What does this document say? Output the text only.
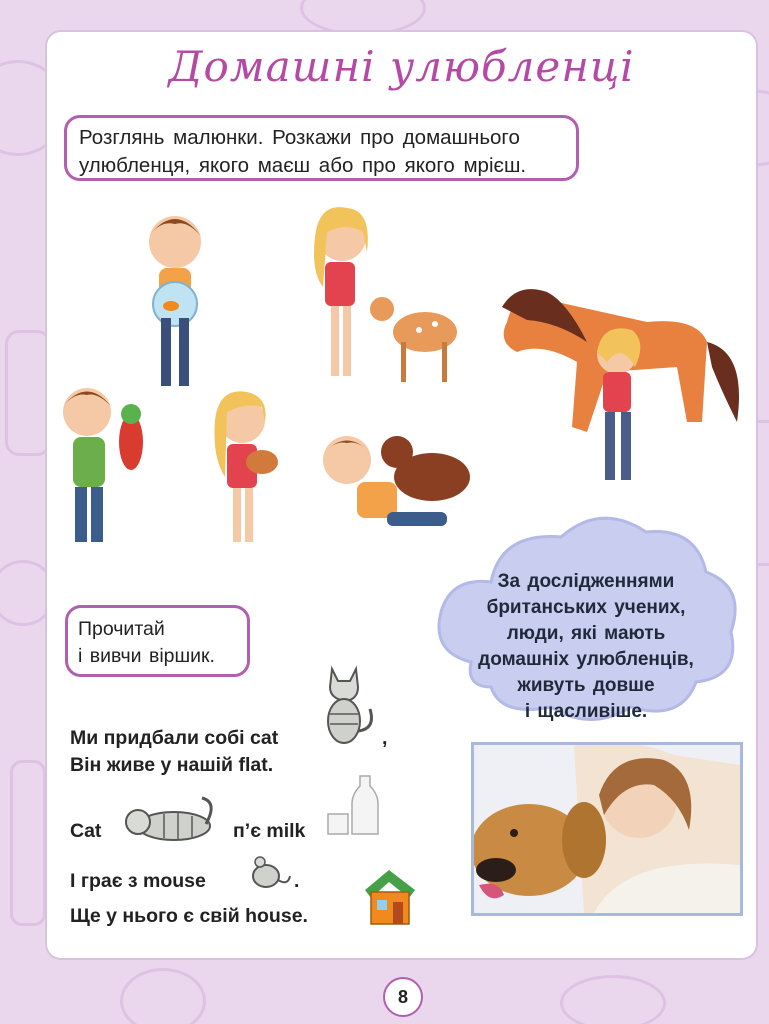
Домашні улюбленці
Розглянь малюнки. Розкажи про домашнього
улюбленця, якого маєш або про якого мрієш.
За дослідженнями
британських учених,
люди, які мають
домашніх улюбленців,
живуть довше
і щасливіше.
Прочитай
і вивчи віршик.
Ми придбали собі cat	,
Він живе у нашій flat.
Cat	п’є milk
І грає з mouse	.
Ще у нього є свій house.
8
